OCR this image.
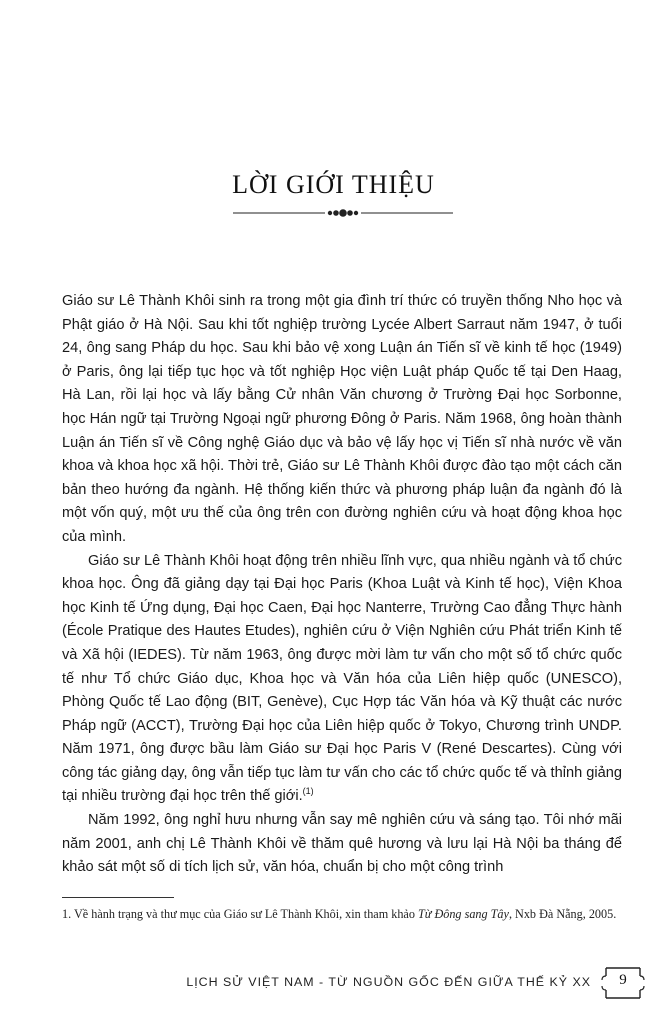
LỜI GIỚI THIỆU

Giáo sư Lê Thành Khôi sinh ra trong một gia đình trí thức có truyền thống Nho học và Phật giáo ở Hà Nội. Sau khi tốt nghiệp trường Lycée Albert Sarraut năm 1947, ở tuổi 24, ông sang Pháp du học. Sau khi bảo vệ xong Luận án Tiến sĩ về kinh tế học (1949) ở Paris, ông lại tiếp tục học và tốt nghiệp Học viện Luật pháp Quốc tế tại Den Haag, Hà Lan, rồi lại học và lấy bằng Cử nhân Văn chương ở Trường Đại học Sorbonne, học Hán ngữ tại Trường Ngoại ngữ phương Đông ở Paris. Năm 1968, ông hoàn thành Luận án Tiến sĩ về Công nghệ Giáo dục và bảo vệ lấy học vị Tiến sĩ nhà nước về văn khoa và khoa học xã hội. Thời trẻ, Giáo sư Lê Thành Khôi được đào tạo một cách căn bản theo hướng đa ngành. Hệ thống kiến thức và phương pháp luận đa ngành đó là một vốn quý, một ưu thế của ông trên con đường nghiên cứu và hoạt động khoa học của mình.

Giáo sư Lê Thành Khôi hoạt động trên nhiều lĩnh vực, qua nhiều ngành và tổ chức khoa học. Ông đã giảng dạy tại Đại học Paris (Khoa Luật và Kinh tế học), Viện Khoa học Kinh tế Ứng dụng, Đại học Caen, Đại học Nanterre, Trường Cao đẳng Thực hành (École Pratique des Hautes Etudes), nghiên cứu ở Viện Nghiên cứu Phát triển Kinh tế và Xã hội (IEDES). Từ năm 1963, ông được mời làm tư vấn cho một số tổ chức quốc tế như Tổ chức Giáo dục, Khoa học và Văn hóa của Liên hiệp quốc (UNESCO), Phòng Quốc tế Lao động (BIT, Genève), Cục Hợp tác Văn hóa và Kỹ thuật các nước Pháp ngữ (ACCT), Trường Đại học của Liên hiệp quốc ở Tokyo, Chương trình UNDP. Năm 1971, ông được bầu làm Giáo sư Đại học Paris V (René Descartes). Cùng với công tác giảng dạy, ông vẫn tiếp tục làm tư vấn cho các tổ chức quốc tế và thỉnh giảng tại nhiều trường đại học trên thế giới.$^{(1)}$

Năm 1992, ông nghỉ hưu nhưng vẫn say mê nghiên cứu và sáng tạo. Tôi nhớ mãi năm 2001, anh chị Lê Thành Khôi về thăm quê hương và lưu lại Hà Nội ba tháng để khảo sát một số di tích lịch sử, văn hóa, chuẩn bị cho một công trình

1. Về hành trạng và thư mục của Giáo sư Lê Thành Khôi, xin tham khảo Từ Đông sang Tây, Nxb Đà Nẵng, 2005.
LỊCH SỬ VIỆT NAM - TỪ NGUỒN GỐC ĐẾN GIỮA THẾ KỶ XX	9
